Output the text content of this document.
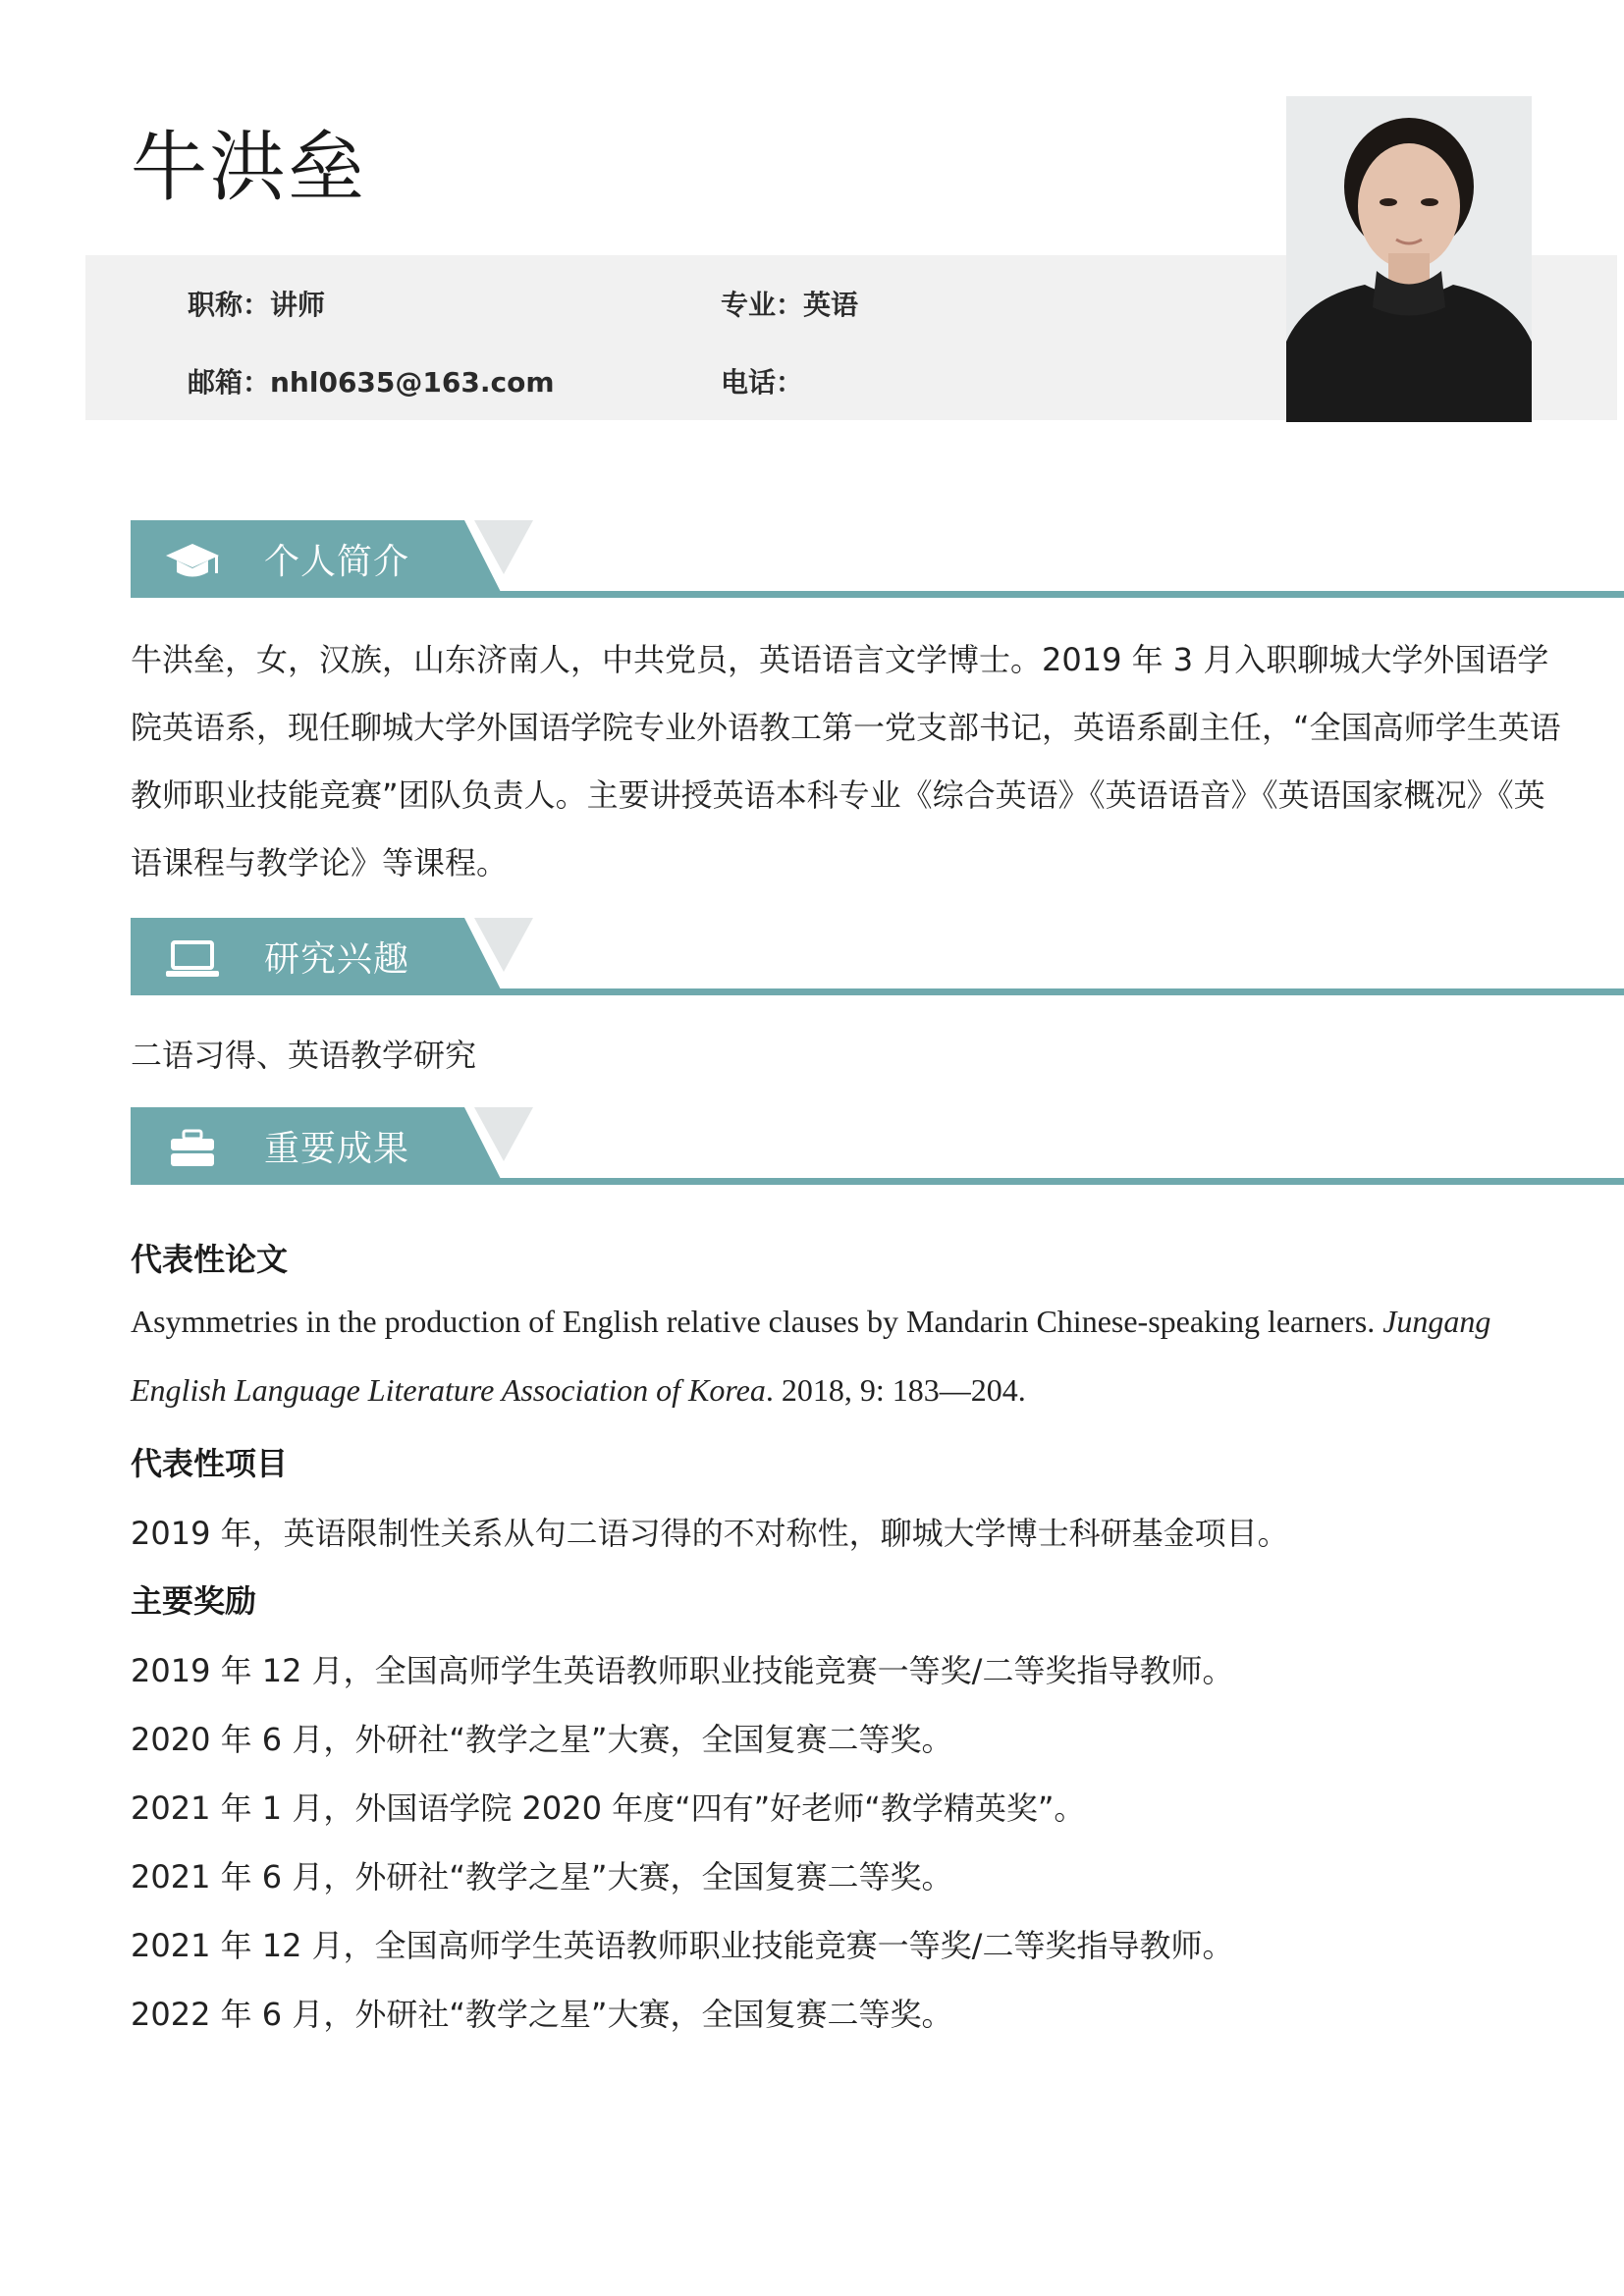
牛洪垒
职称：讲师	专业：英语
邮箱：nhl0635@163.com	电话：
个人简介
牛洪垒，女，汉族，山东济南人，中共党员，英语语言文学博士。2019 年 3 月入职聊城大学外国语学院英语系，现任聊城大学外国语学院专业外语教工第一党支部书记，英语系副主任，“全国高师学生英语教师职业技能竞赛”团队负责人。主要讲授英语本科专业《综合英语》《英语语音》《英语国家概况》《英语课程与教学论》等课程。
研究兴趣
二语习得、英语教学研究
重要成果
代表性论文
Asymmetries in the production of English relative clauses by Mandarin Chinese-speaking learners. Jungang English Language Literature Association of Korea. 2018, 9: 183—204.
代表性项目
2019 年，英语限制性关系从句二语习得的不对称性，聊城大学博士科研基金项目。
主要奖励
2019 年 12 月，全国高师学生英语教师职业技能竞赛一等奖/二等奖指导教师。
2020 年 6 月，外研社“教学之星”大赛，全国复赛二等奖。
2021 年 1 月，外国语学院 2020 年度“四有”好老师“教学精英奖”。
2021 年 6 月，外研社“教学之星”大赛，全国复赛二等奖。
2021 年 12 月，全国高师学生英语教师职业技能竞赛一等奖/二等奖指导教师。
2022 年 6 月，外研社“教学之星”大赛，全国复赛二等奖。
